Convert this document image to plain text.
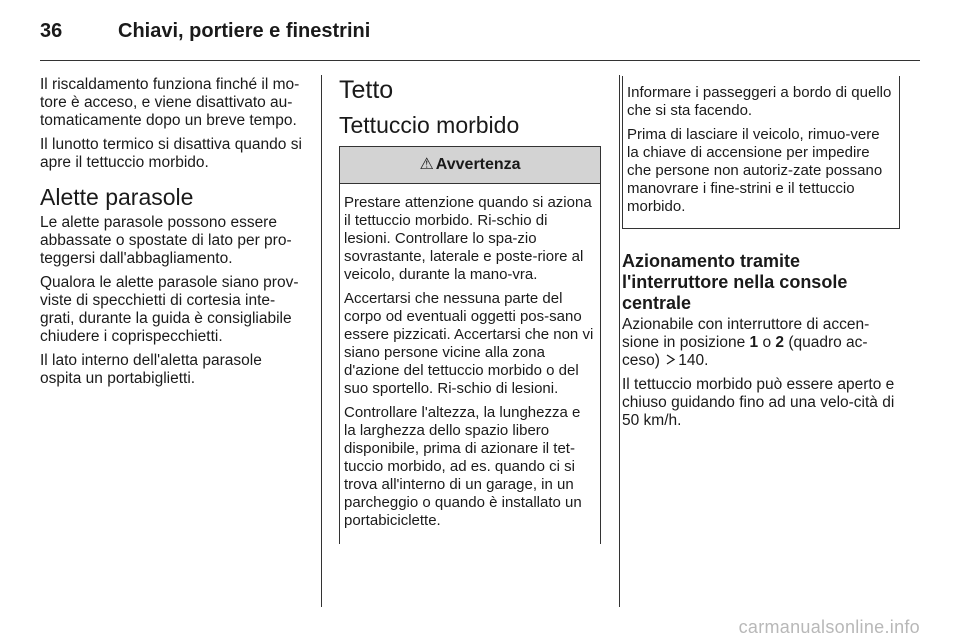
36	Chiavi, portiere e finestrini

Il riscaldamento funziona finché il mo-tore è acceso, e viene disattivato au-tomaticamente dopo un breve tempo.

Il lunotto termico si disattiva quando si apre il tettuccio morbido.

Alette parasole

Le alette parasole possono essere abbassate o spostate di lato per pro-teggersi dall'abbagliamento.

Qualora le alette parasole siano prov-viste di specchietti di cortesia inte-grati, durante la guida è consigliabile chiudere i coprispecchietti.

Il lato interno dell'aletta parasole ospita un portabiglietti.

Tetto
Tettuccio morbido
⚠ Avvertenza

Prestare attenzione quando si aziona il tettuccio morbido. Ri-schio di lesioni. Controllare lo spa-zio sovrastante, laterale e poste-riore al veicolo, durante la mano-vra.

Accertarsi che nessuna parte del corpo od eventuali oggetti pos-sano essere pizzicati. Accertarsi che non vi siano persone vicine alla zona d'azione del tettuccio morbido o del suo sportello. Ri-schio di lesioni.

Controllare l'altezza, la lunghezza e la larghezza dello spazio libero disponibile, prima di azionare il tet-tuccio morbido, ad es. quando ci si trova all'interno di un garage, in un parcheggio o quando è installato un portabiciclette.

Informare i passeggeri a bordo di quello che si sta facendo.

Prima di lasciare il veicolo, rimuo-vere la chiave di accensione per impedire che persone non autoriz-zate possano manovrare i fine-strini e il tettuccio morbido.

Azionamento tramite l'interruttore nella console centrale

Azionabile con interruttore di accen-sione in posizione 1 o 2 (quadro ac-ceso) 140.

Il tettuccio morbido può essere aperto e chiuso guidando fino ad una velo-cità di 50 km/h.

carmanualsonline.info
